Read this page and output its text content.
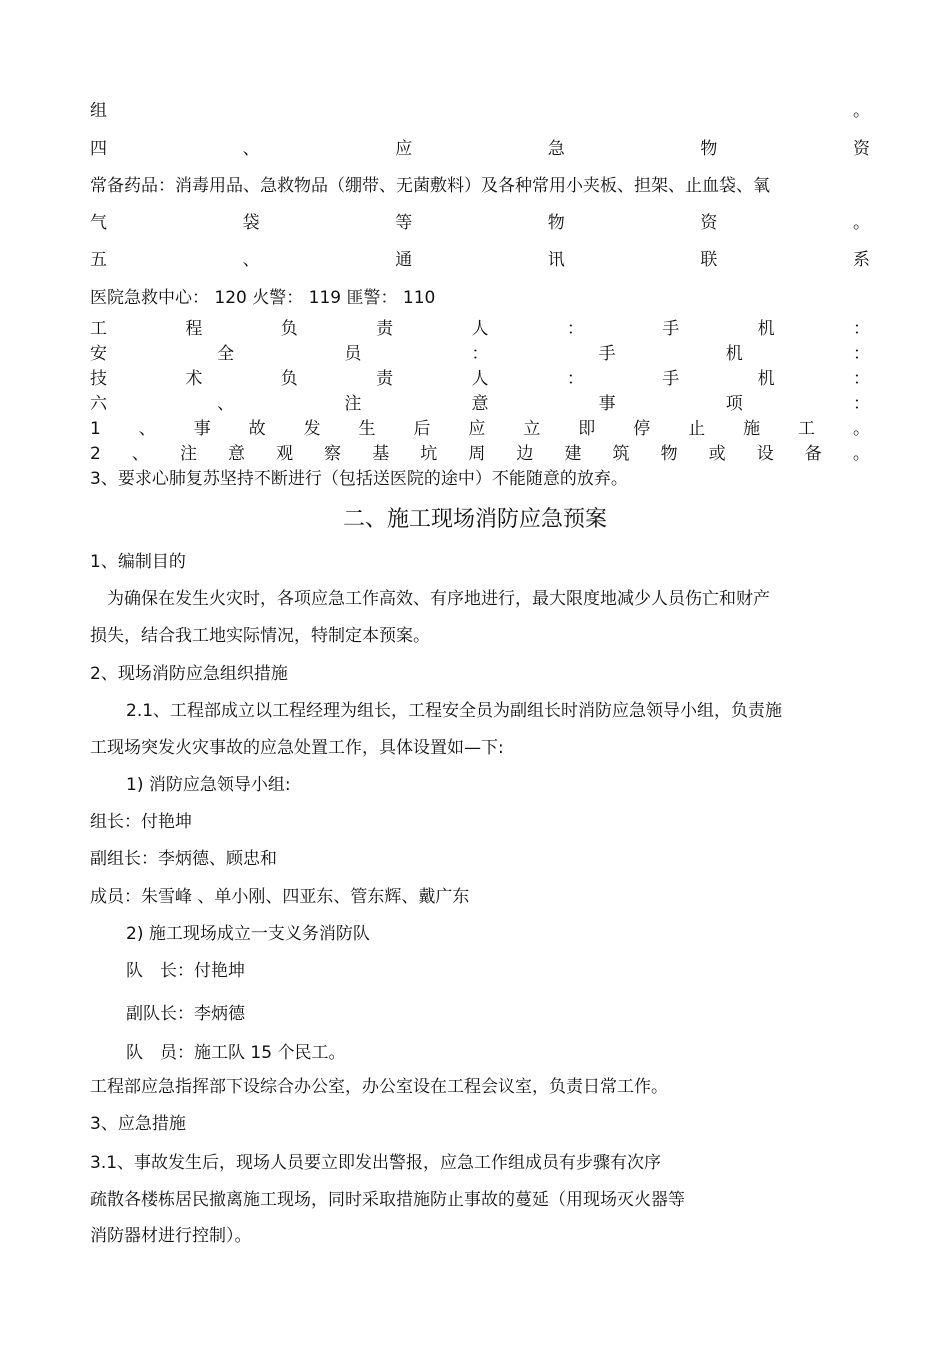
组	。
四	、	应	急	物	资
常备药品：消毒用品、急救物品（绷带、无菌敷料）及各种常用小夹板、担架、止血袋、氧
气	袋	等	物	资	。
五	、	通	讯	联	系
医院急救中心： 120 火警： 119 匪警： 110
工	程	负	责	人	：	手	机	：
安	全	员	：	手	机	：
技	术	负	责	人	：	手	机	：
六	、	注	意	事	项	：
1 、 事 故 发 生 后 应 立 即 停 止 施 工 。
2 、 注 意 观 察 基 坑 周 边 建 筑 物 或 设 备 。
3、要求心肺复苏坚持不断进行（包括送医院的途中）不能随意的放弃。
二、施工现场消防应急预案
1、编制目的
为确保在发生火灾时，各项应急工作高效、有序地进行，最大限度地减少人员伤亡和财产
损失，结合我工地实际情况，特制定本预案。
2、现场消防应急组织措施
2.1、工程部成立以工程经理为组长，工程安全员为副组长时消防应急领导小组，负责施
工现场突发火灾事故的应急处置工作，具体设置如—下:
1) 消防应急领导小组:
组长：付艳坤
副组长：李炳德、顾忠和
成员：朱雪峰 、单小刚、四亚东、管东辉、戴广东
2) 施工现场成立一支义务消防队
队　长：付艳坤
副队长：李炳德
队　员：施工队 15 个民工。
工程部应急指挥部下设综合办公室，办公室设在工程会议室，负责日常工作。
3、应急措施
3.1、事故发生后，现场人员要立即发出警报，应急工作组成员有步骤有次序
疏散各楼栋居民撤离施工现场，同时采取措施防止事故的蔓延（用现场灭火器等
消防器材进行控制）。
